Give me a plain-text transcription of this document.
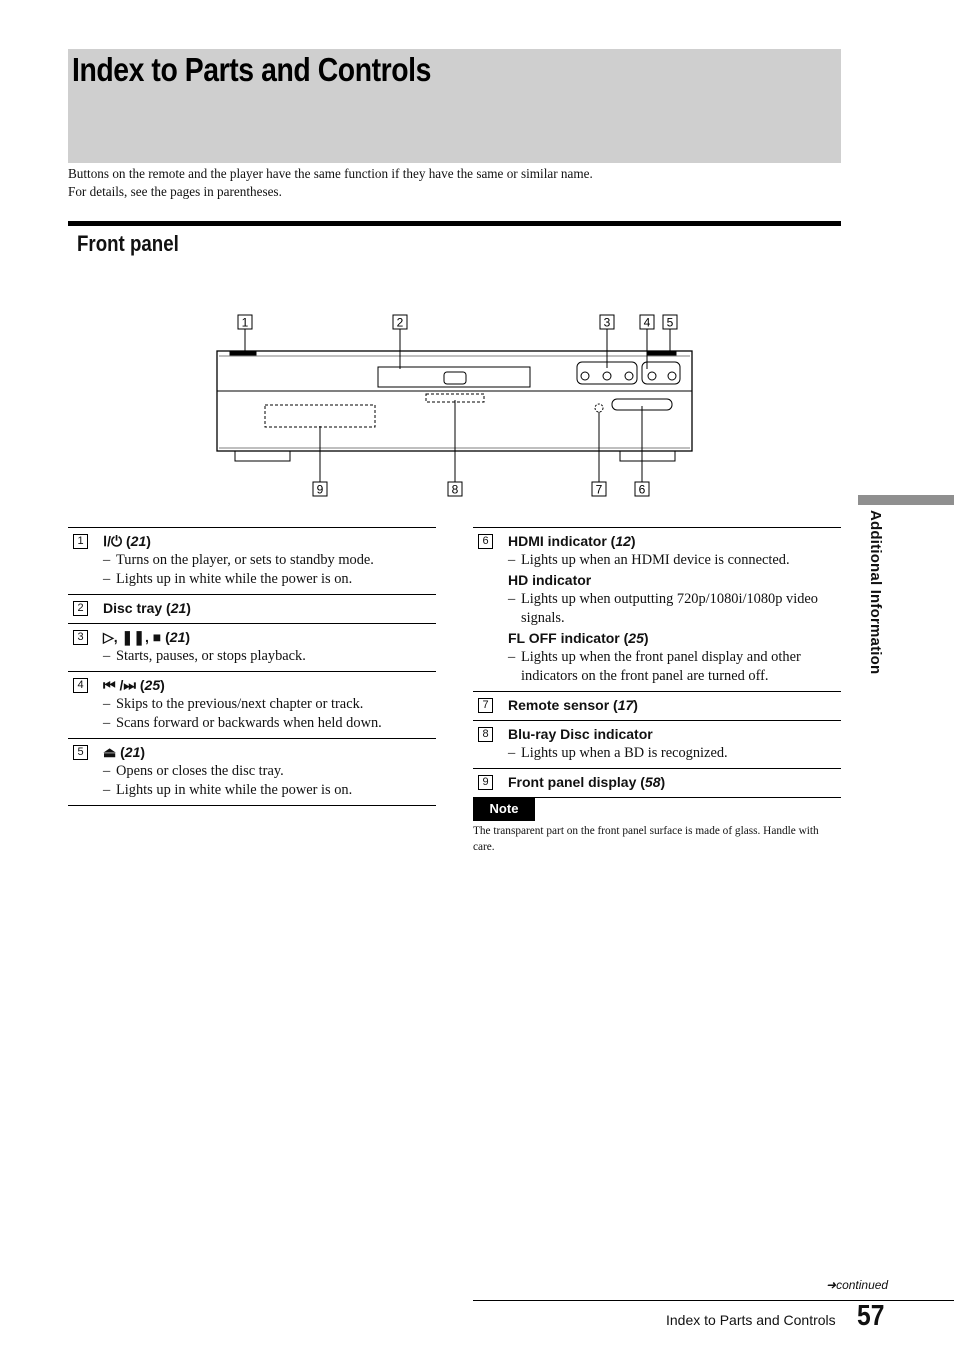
Index to Parts and Controls
Buttons on the remote and the player have the same function if they have the same or similar name.
For details, see the pages in parentheses.
Front panel
1	2	3	4 5
9	8	7	6
1	Ⅰ/⏻ (21)
– Turns on the player, or sets to standby mode.
– Lights up in white while the power is on.
2	Disc tray (21)
3	▷, ❚❚, ■ (21)
– Starts, pauses, or stops playback.
4	⏮ /⏭ (25)
– Skips to the previous/next chapter or track.
– Scans forward or backwards when held down.
5	⏏ (21)
– Opens or closes the disc tray.
– Lights up in white while the power is on.
6	HDMI indicator (12)
– Lights up when an HDMI device is connected.
HD indicator
– Lights up when outputting 720p/1080i/1080p video signals.
FL OFF indicator (25)
– Lights up when the front panel display and other indicators on the front panel are turned off.
7	Remote sensor (17)
8	Blu-ray Disc indicator
– Lights up when a BD is recognized.
9	Front panel display (58)
Note
The transparent part on the front panel surface is made of glass. Handle with care.
Additional Information
➜continued
Index to Parts and Controls 57
